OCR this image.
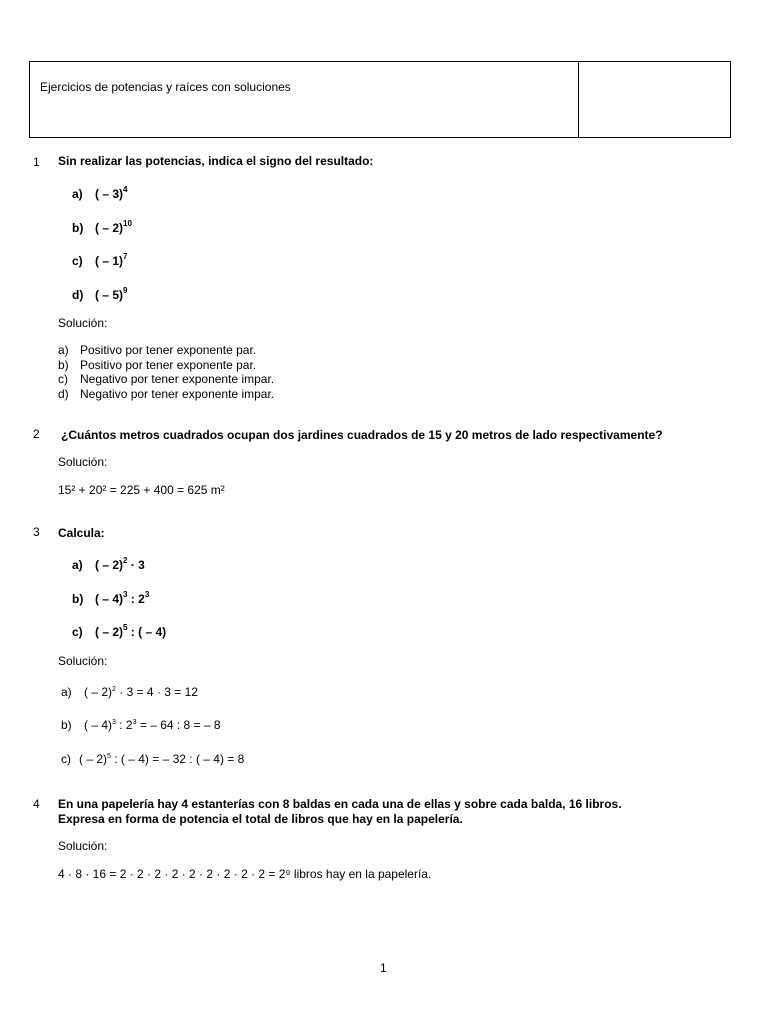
Ejercicios de potencias y raíces con soluciones
1 Sin realizar las potencias, indica el signo del resultado:
a) ( – 3)$^4$
b) ( – 2)$^{10}$
c) ( – 1)$^7$
d) ( – 5)$^9$
Solución:
a) Positivo por tener exponente par.
b) Positivo por tener exponente par.
c) Negativo por tener exponente impar.
d) Negativo por tener exponente impar.
2 ¿Cuántos metros cuadrados ocupan dos jardines cuadrados de 15 y 20 metros de lado respectivamente?
Solución:
15² + 20² = 225 + 400 = 625 m²
3 Calcula:
a) ( – 2)$^2$ · 3
b) ( – 4)$^3$ : $2^3$
c) ( – 2)$^5$ : ( – 4)
Solución:
a) ( – 2)$^2$ · 3 = 4 · 3 = 12
b) ( – 4)$^3$ : $2^3$ = – 64 : 8 = – 8
c) ( – 2)$^5$ : ( – 4) = – 32 : ( – 4) = 8
4 En una papelería hay 4 estanterías con 8 baldas en cada una de ellas y sobre cada balda, 16 libros.
Expresa en forma de potencia el total de libros que hay en la papelería.
Solución:
4 · 8 · 16 = 2 · 2 · 2 · 2 · 2 · 2 · 2 · 2 · 2 = 2⁹ libros hay en la papelería.
1
